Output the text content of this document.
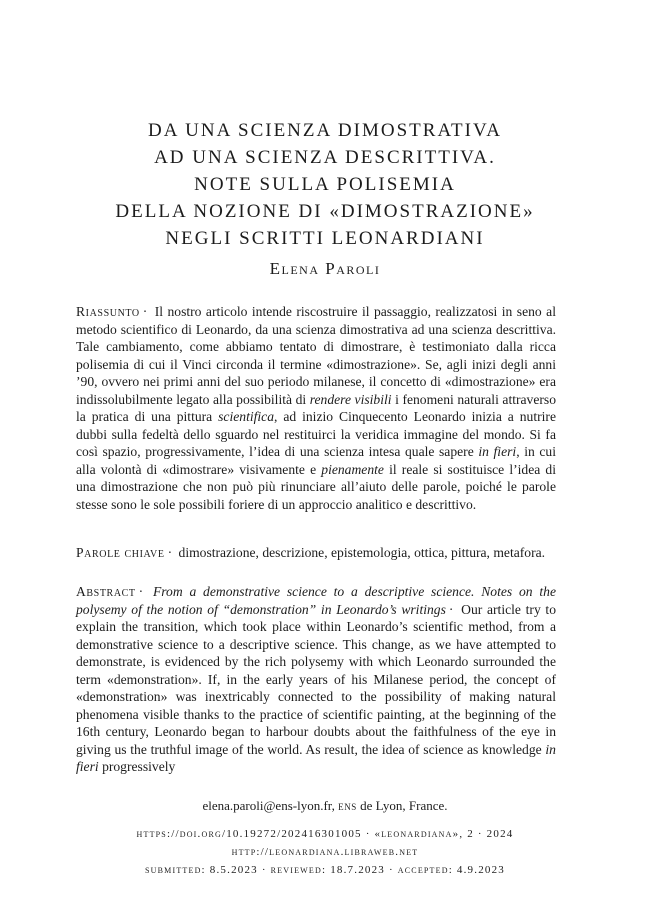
DA UNA SCIENZA DIMOSTRATIVA
AD UNA SCIENZA DESCRITTIVA.
NOTE SULLA POLISEMIA
DELLA NOZIONE DI «DIMOSTRAZIONE»
NEGLI SCRITTI LEONARDIANI
Elena Paroli

Riassunto · Il nostro articolo intende riscostruire il passaggio, realizzatosi in seno al metodo scientifico di Leonardo, da una scienza dimostrativa ad una scienza descrittiva. Tale cambiamento, come abbiamo tentato di dimostrare, è testimoniato dalla ricca polisemia di cui il Vinci circonda il termine «dimostrazione». Se, agli inizi degli anni ’90, ovvero nei primi anni del suo periodo milanese, il concetto di «dimostrazione» era indissolubilmente legato alla possibilità di rendere visibili i fenomeni naturali attraverso la pratica di una pittura scientifica, ad inizio Cinquecento Leonardo inizia a nutrire dubbi sulla fedeltà dello sguardo nel restituirci la veridica immagine del mondo. Si fa così spazio, progressivamente, l’idea di una scienza intesa quale sapere in fieri, in cui alla volontà di «dimostrare» visivamente e pienamente il reale si sostituisce l’idea di una dimostrazione che non può più rinunciare all’aiuto delle parole, poiché le parole stesse sono le sole possibili foriere di un approccio analitico e descrittivo.

Parole chiave · dimostrazione, descrizione, epistemologia, ottica, pittura, metafora.

Abstract · From a demonstrative science to a descriptive science. Notes on the polysemy of the notion of “demonstration” in Leonardo’s writings · Our article try to explain the transition, which took place within Leonardo’s scientific method, from a demonstrative science to a descriptive science. This change, as we have attempted to demonstrate, is evidenced by the rich polysemy with which Leonardo surrounded the term «demonstration». If, in the early years of his Milanese period, the concept of «demonstration» was inextricably connected to the possibility of making natural phenomena visible thanks to the practice of scientific painting, at the beginning of the 16th century, Leonardo began to harbour doubts about the faithfulness of the eye in giving us the truthful image of the world. As result, the idea of science as knowledge in fieri progressively

elena.paroli@ens-lyon.fr, ens de Lyon, France.
https://doi.org/10.19272/202416301005 · «leonardiana», 2 · 2024
http://leonardiana.libraweb.net
submitted: 8.5.2023 · reviewed: 18.7.2023 · accepted: 4.9.2023
